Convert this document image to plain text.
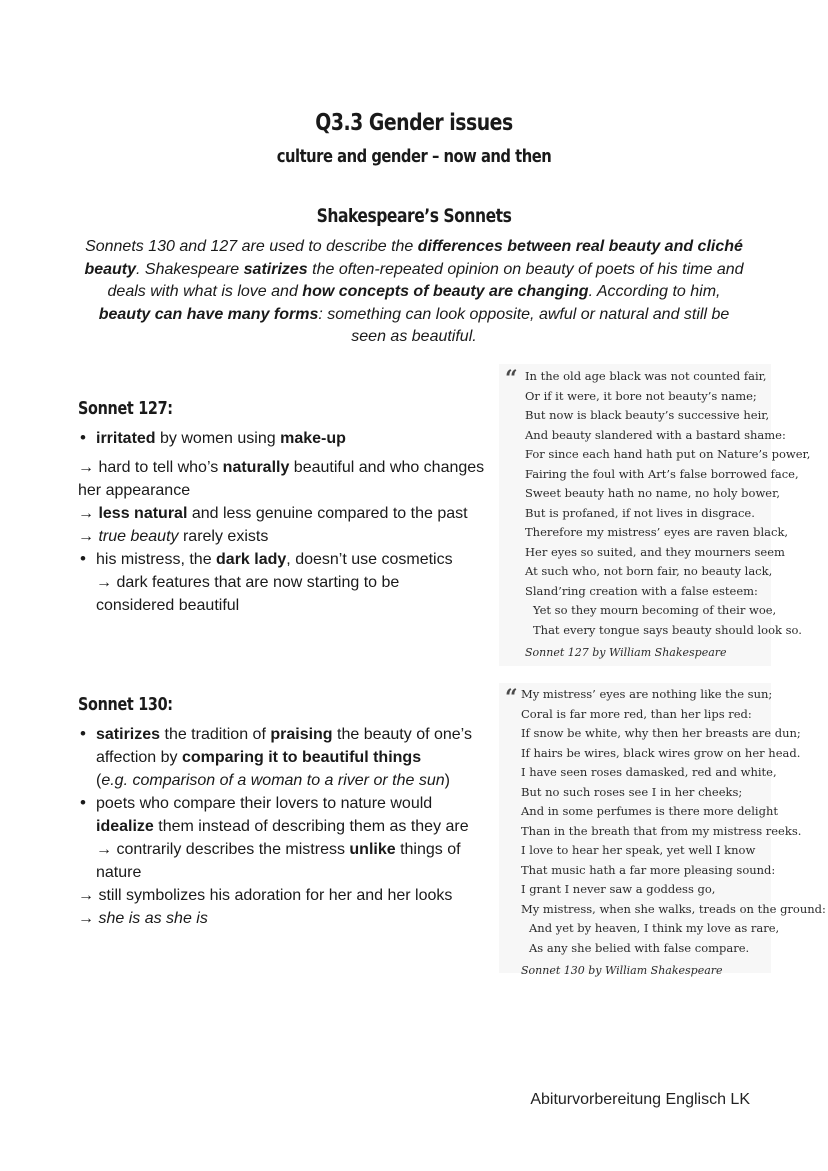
Q3.3 Gender issues
culture and gender – now and then
Shakespeare’s Sonnets
Sonnets 130 and 127 are used to describe the differences between real beauty and cliché beauty. Shakespeare satirizes the often-repeated opinion on beauty of poets of his time and deals with what is love and how concepts of beauty are changing. According to him, beauty can have many forms: something can look opposite, awful or natural and still be seen as beautiful.
Sonnet 127:

• irritated by women using make-up

→ hard to tell who’s naturally beautiful and who changes her appearance

→ less natural and less genuine compared to the past

→ true beauty rarely exists

• his mistress, the dark lady, doesn’t use cosmetics

→ dark features that are now starting to be considered beautiful

“ In the old age black was not counted fair,
Or if it were, it bore not beauty’s name;
But now is black beauty’s successive heir,
And beauty slandered with a bastard shame:
For since each hand hath put on Nature’s power,
Fairing the foul with Art’s false borrowed face,
Sweet beauty hath no name, no holy bower,
But is profaned, if not lives in disgrace.
Therefore my mistress’ eyes are raven black,
Her eyes so suited, and they mourners seem
At such who, not born fair, no beauty lack,
Sland’ring creation with a false esteem:
Yet so they mourn becoming of their woe,
That every tongue says beauty should look so.
Sonnet 127 by William Shakespeare
Sonnet 130:

• satirizes the tradition of praising the beauty of one’s affection by comparing it to beautiful things
(e.g. comparison of a woman to a river or the sun)

• poets who compare their lovers to nature would idealize them instead of describing them as they are → contrarily describes the mistress unlike things of nature

→ still symbolizes his adoration for her and her looks

→ she is as she is

“ My mistress’ eyes are nothing like the sun;
Coral is far more red, than her lips red:
If snow be white, why then her breasts are dun;
If hairs be wires, black wires grow on her head.
I have seen roses damasked, red and white,
But no such roses see I in her cheeks;
And in some perfumes is there more delight
Than in the breath that from my mistress reeks.
I love to hear her speak, yet well I know
That music hath a far more pleasing sound:
I grant I never saw a goddess go,
My mistress, when she walks, treads on the ground:
And yet by heaven, I think my love as rare,
As any she belied with false compare.
Sonnet 130 by William Shakespeare
Abiturvorbereitung Englisch LK
